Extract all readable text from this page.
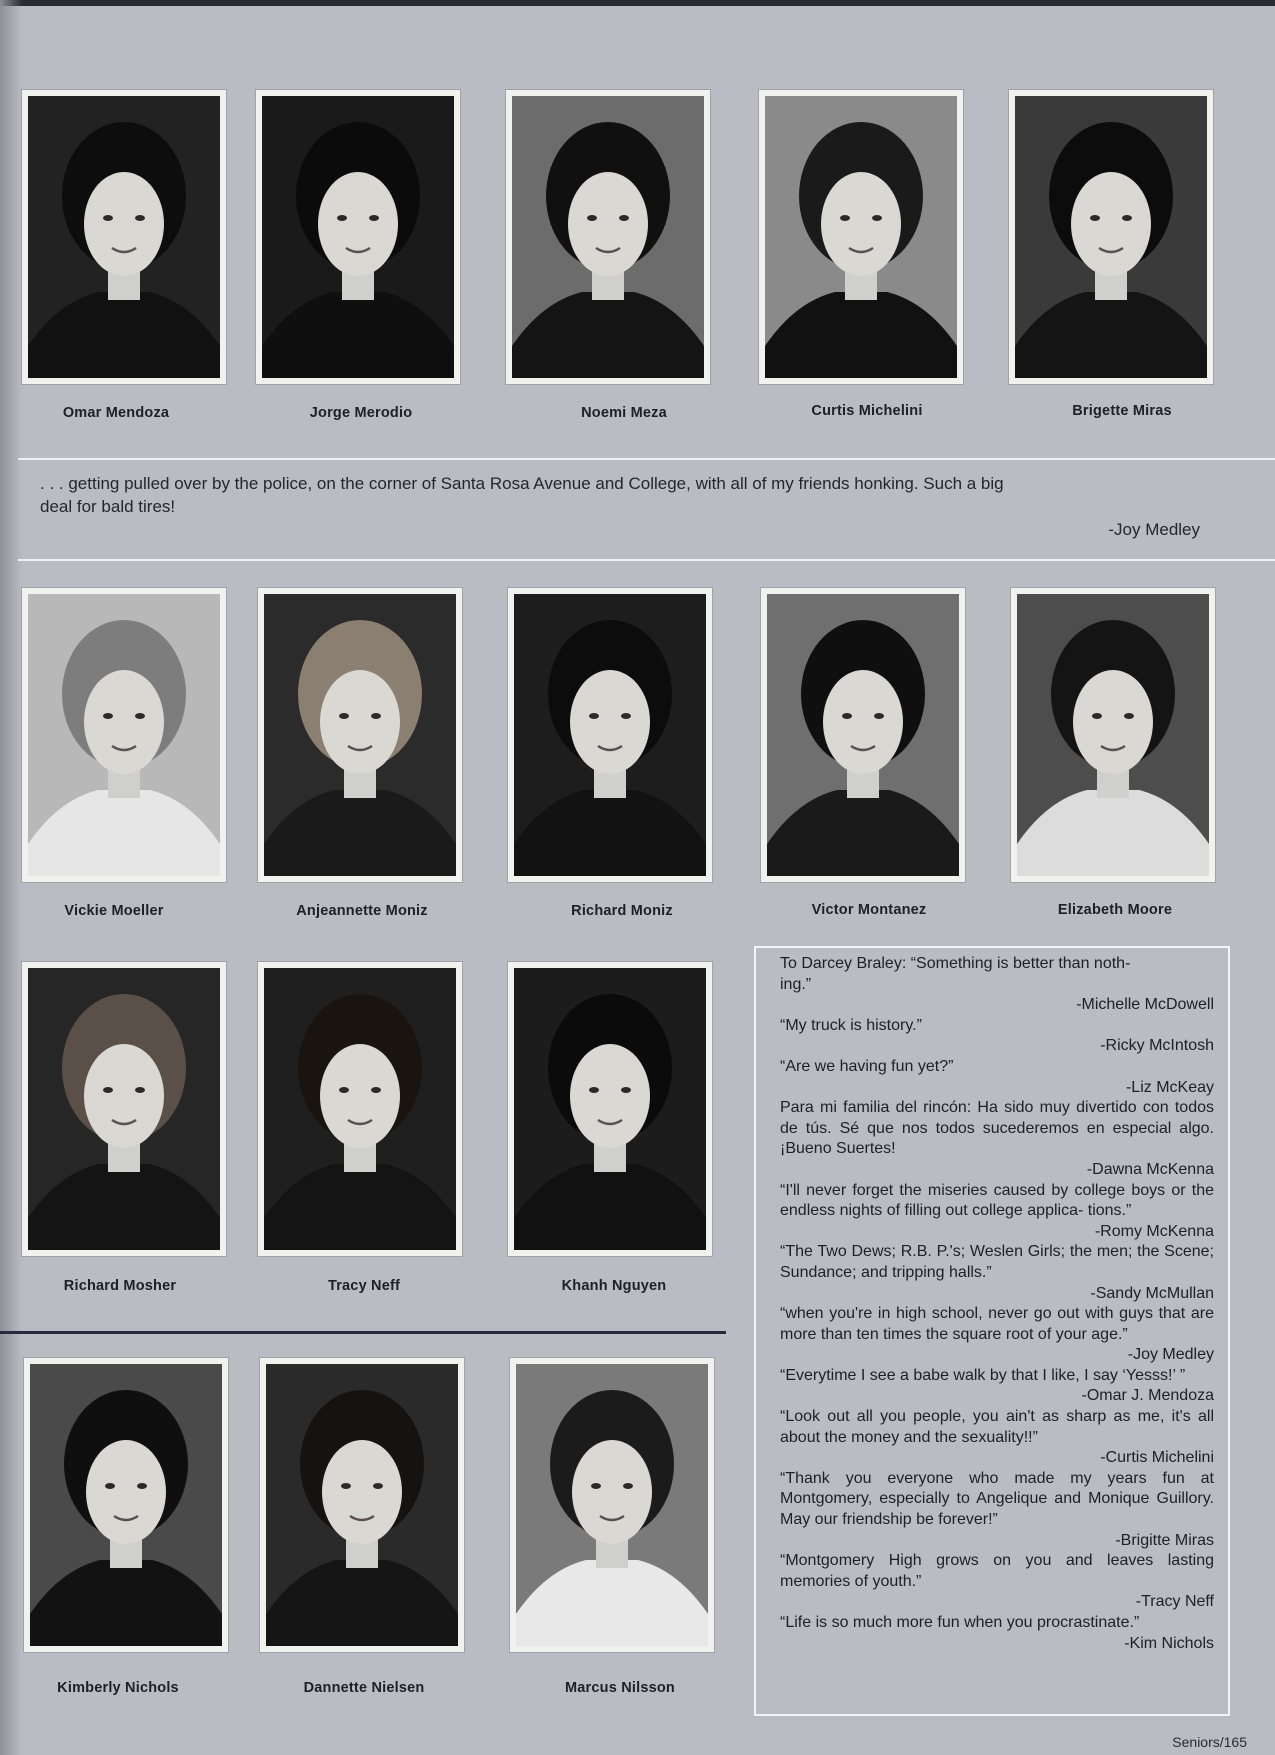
Omar Mendoza	Jorge Merodio	Noemi Meza	Curtis Michelini	Brigette Miras
. . . getting pulled over by the police, on the corner of Santa Rosa Avenue and College, with all of my friends honking. Such a big
deal for bald tires!
-Joy Medley
Vickie Moeller	Anjeannette Moniz	Richard Moniz	Victor Montanez	Elizabeth Moore
Richard Mosher	Tracy Neff	Khanh Nguyen
Kimberly Nichols	Dannette Nielsen	Marcus Nilsson
To Darcey Braley: “Something is better than noth-
ing.”
-Michelle McDowell
“My truck is history.”
-Ricky McIntosh
“Are we having fun yet?”
-Liz McKeay
Para mi familia del rincón: Ha sido muy divertido con todos de tús. Sé que nos todos sucederemos en especial algo. ¡Bueno Suertes!
-Dawna McKenna
“I'll never forget the miseries caused by college boys or the endless nights of filling out college applica- tions.”
-Romy McKenna
“The Two Dews; R.B. P.'s; Weslen Girls; the men; the Scene; Sundance; and tripping halls.”
-Sandy McMullan
“when you're in high school, never go out with guys that are more than ten times the square root of your age.”
-Joy Medley
“Everytime I see a babe walk by that I like, I say ‘Yesss!’ ”
-Omar J. Mendoza
“Look out all you people, you ain't as sharp as me, it's all about the money and the sexuality!!”
-Curtis Michelini
“Thank you everyone who made my years fun at Montgomery, especially to Angelique and Monique Guillory. May our friendship be forever!”
-Brigitte Miras
“Montgomery High grows on you and leaves lasting memories of youth.”
-Tracy Neff
“Life is so much more fun when you procrastinate.”
-Kim Nichols
Seniors/165
